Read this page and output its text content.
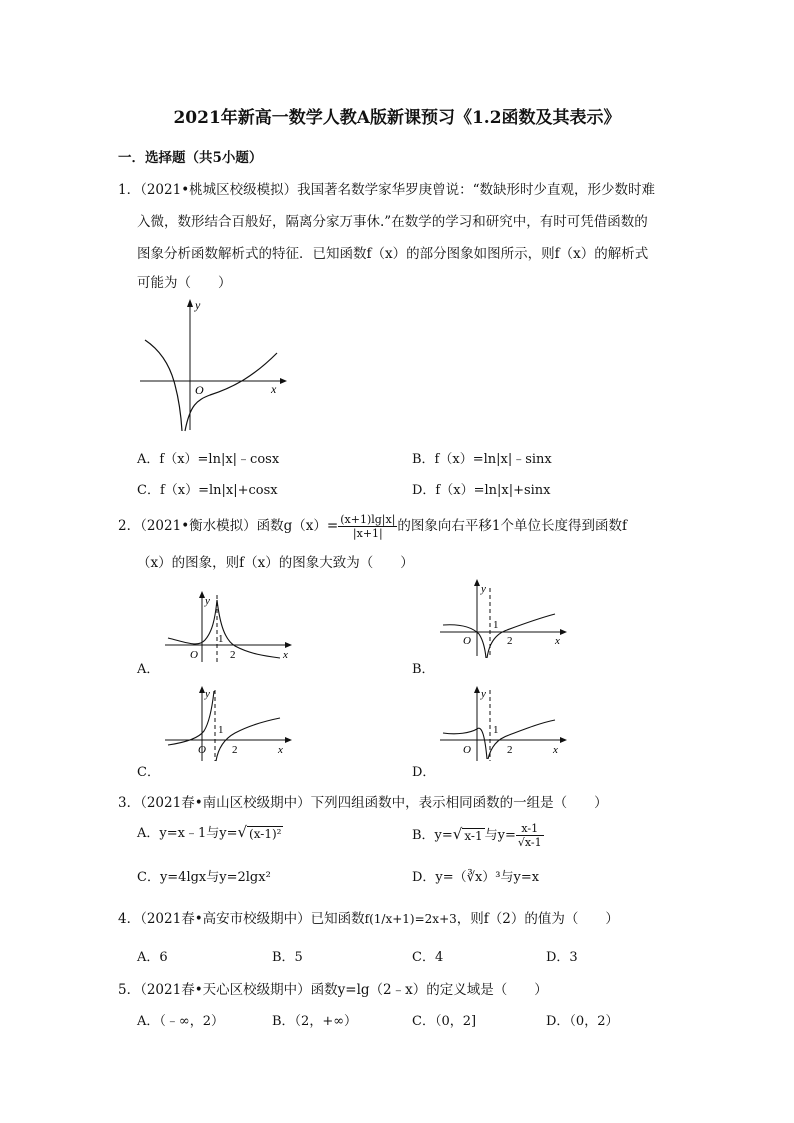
2021年新高一数学人教A版新课预习《1.2函数及其表示》
一．选择题（共5小题）
1．（2021•桃城区校级模拟）我国著名数学家华罗庚曾说：“数缺形时少直观，形少数时难
入微，数形结合百般好，隔离分家万事休.”在数学的学习和研究中，有时可凭借函数的
图象分析函数解析式的特征．已知函数f（x）的部分图象如图所示，则f（x）的解析式
可能为（　　）
y
x
O
A．f（x）=ln|x|﹣cosx	B．f（x）=ln|x|﹣sinx
C．f（x）=ln|x|+cosx	D．f（x）=ln|x|+sinx
2．（2021•衡水模拟）函数$g(x)= \frac{(x+1)\lg|x|}{|x+1|}$ 的图象向右平移1个单位长度得到函数f
（x）的图象，则f（x）的图象大致为（　　）
y
1
O	2	x
A．
y
1
O	2	x
B．
y
1
O 2	x
C．
y
1
O	2	x
D．
3．（2021春•南山区校级期中）下列四组函数中，表示相同函数的一组是（　　）
A．y=x﹣1与y=√ (x-1)²	B．y=√ x-1 与$y= \frac{x-1}{√x-1}$
C．y=4lgx与y=2lgx²	D．y=（∛x）³与y=x
4．（2021春•高安市校级期中）已知函数f(1/x+1)=2x+3，则f（2）的值为（　　）
A．6	B．5	C．4	D．3
5．（2021春•天心区校级期中）函数y=lg（2﹣x）的定义域是（　　）
A．（﹣∞，2）	B．（2，+∞）	C．（0，2]	D．（0，2）
